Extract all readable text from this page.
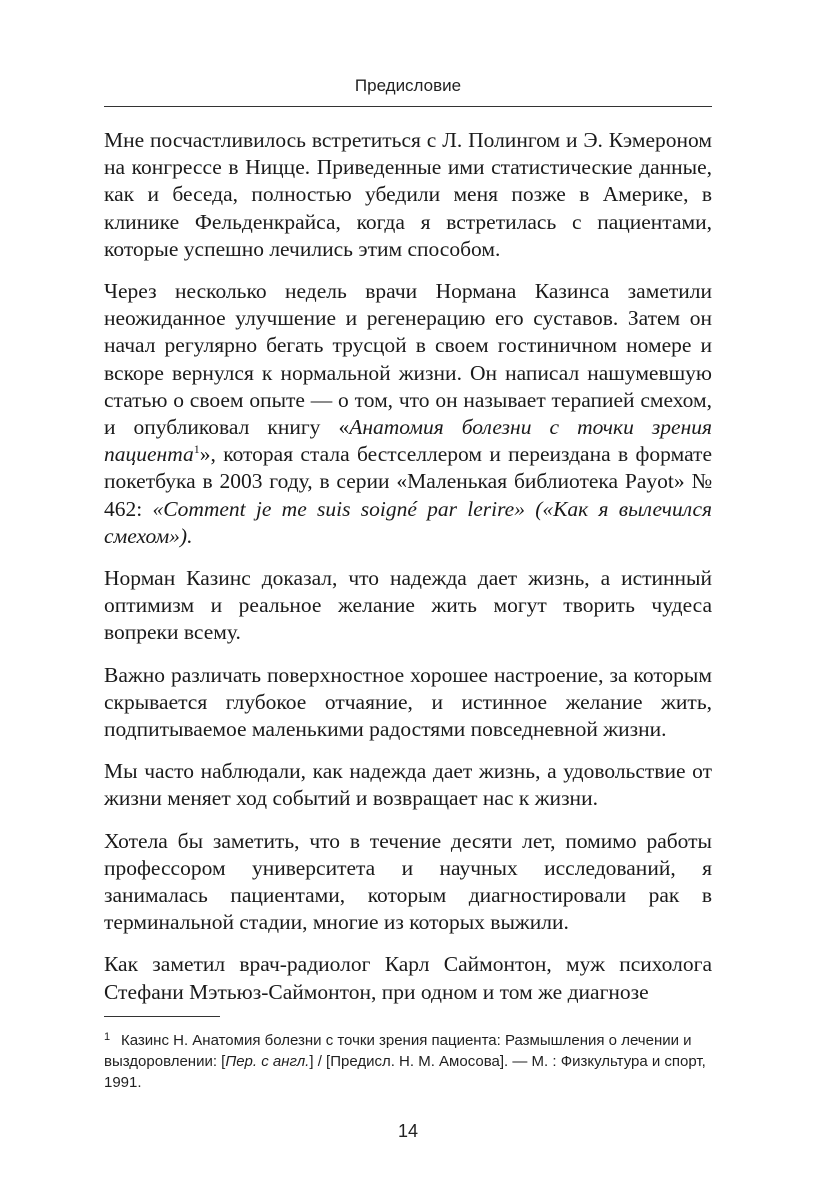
Предисловие

Мне посчастливилось встретиться с Л. Полингом и Э. Кэмероном на конгрессе в Ницце. Приведенные ими статистические данные, как и беседа, полностью убедили меня позже в Америке, в клинике Фельденкрайса, когда я встретилась с пациентами, которые успешно лечились этим способом.

Через несколько недель врачи Нормана Казинса заметили неожиданное улучшение и регенерацию его суставов. Затем он начал регулярно бегать трусцой в своем гостиничном номере и вскоре вернулся к нормальной жизни. Он написал нашумевшую статью о своем опыте — о том, что он называет терапией смехом, и опубликовал книгу «Анатомия болезни с точки зрения пациента$^1$», которая стала бестселлером и переиздана в формате покетбука в 2003 году, в серии «Маленькая библиотека Payot» № 462: «Comment je me suis soigné par lerire» («Как я вылечился смехом»).

Норман Казинс доказал, что надежда дает жизнь, а истинный оптимизм и реальное желание жить могут творить чудеса вопреки всему.

Важно различать поверхностное хорошее настроение, за которым скрывается глубокое отчаяние, и истинное желание жить, подпитываемое маленькими радостями повседневной жизни.

Мы часто наблюдали, как надежда дает жизнь, а удовольствие от жизни меняет ход событий и возвращает нас к жизни.

Хотела бы заметить, что в течение десяти лет, помимо работы профессором университета и научных исследований, я занималась пациентами, которым диагностировали рак в терминальной стадии, многие из которых выжили.

Как заметил врач-радиолог Карл Саймонтон, муж психолога Стефани Мэтьюз-Саймонтон, при одном и том же диагнозе

1 Казинс Н. Анатомия болезни с точки зрения пациента: Размышления о лечении и выздоровлении: [Пер. с англ.] / [Предисл. Н. М. Амосова]. — М. : Физкультура и спорт, 1991.
14
